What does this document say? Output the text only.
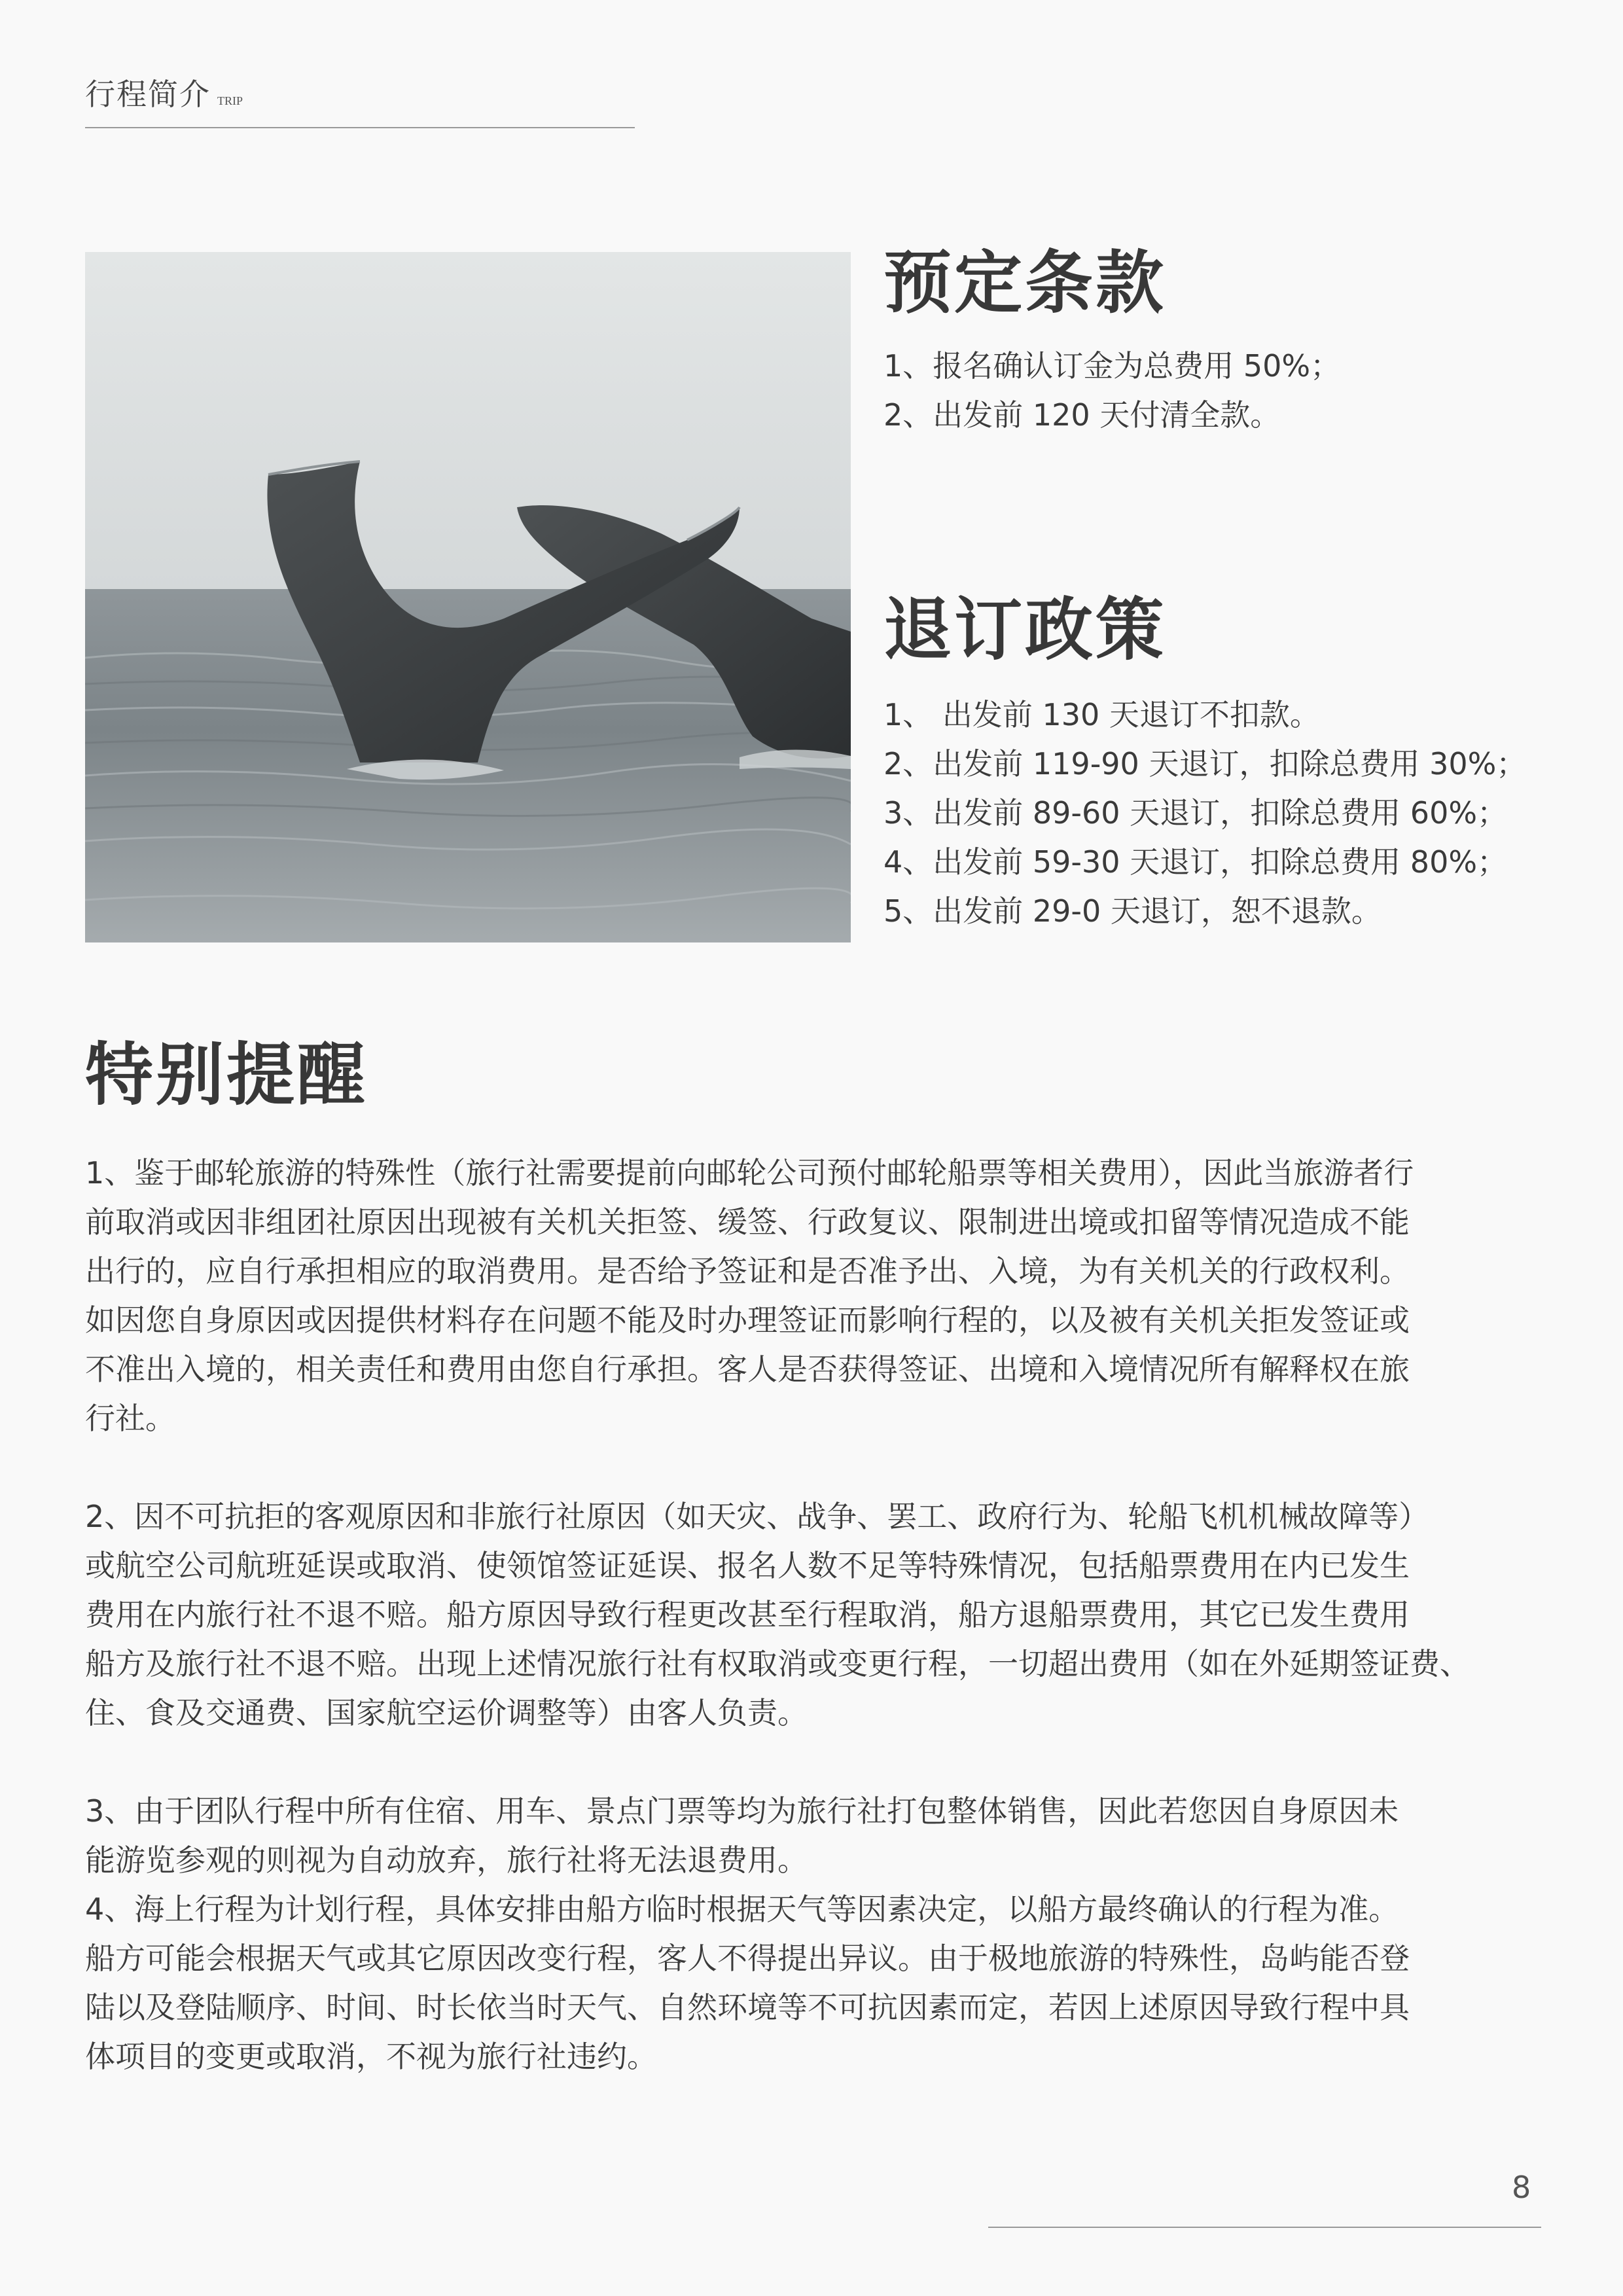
行程简介 TRIP
预定条款
1、报名确认订金为总费用 50%；
2、出发前 120 天付清全款。
退订政策
1、 出发前 130 天退订不扣款。
2、出发前 119-90 天退订，扣除总费用 30%；
3、出发前 89-60 天退订，扣除总费用 60%；
4、出发前 59-30 天退订，扣除总费用 80%；
5、出发前 29-0 天退订，恕不退款。
特别提醒

1、鉴于邮轮旅游的特殊性（旅行社需要提前向邮轮公司预付邮轮船票等相关费用），因此当旅游者行

前取消或因非组团社原因出现被有关机关拒签、缓签、行政复议、限制进出境或扣留等情况造成不能

出行的，应自行承担相应的取消费用。是否给予签证和是否准予出、入境，为有关机关的行政权利。

如因您自身原因或因提供材料存在问题不能及时办理签证而影响行程的，以及被有关机关拒发签证或

不准出入境的，相关责任和费用由您自行承担。客人是否获得签证、出境和入境情况所有解释权在旅

行社。

2、因不可抗拒的客观原因和非旅行社原因（如天灾、战争、罢工、政府行为、轮船飞机机械故障等）

或航空公司航班延误或取消、使领馆签证延误、报名人数不足等特殊情况，包括船票费用在内已发生

费用在内旅行社不退不赔。船方原因导致行程更改甚至行程取消，船方退船票费用，其它已发生费用

船方及旅行社不退不赔。出现上述情况旅行社有权取消或变更行程，一切超出费用（如在外延期签证费、

住、食及交通费、国家航空运价调整等）由客人负责。

3、由于团队行程中所有住宿、用车、景点门票等均为旅行社打包整体销售，因此若您因自身原因未

能游览参观的则视为自动放弃，旅行社将无法退费用。

4、海上行程为计划行程，具体安排由船方临时根据天气等因素决定，以船方最终确认的行程为准。

船方可能会根据天气或其它原因改变行程，客人不得提出异议。由于极地旅游的特殊性，岛屿能否登

陆以及登陆顺序、时间、时长依当时天气、自然环境等不可抗因素而定，若因上述原因导致行程中具

体项目的变更或取消，不视为旅行社违约。

8
